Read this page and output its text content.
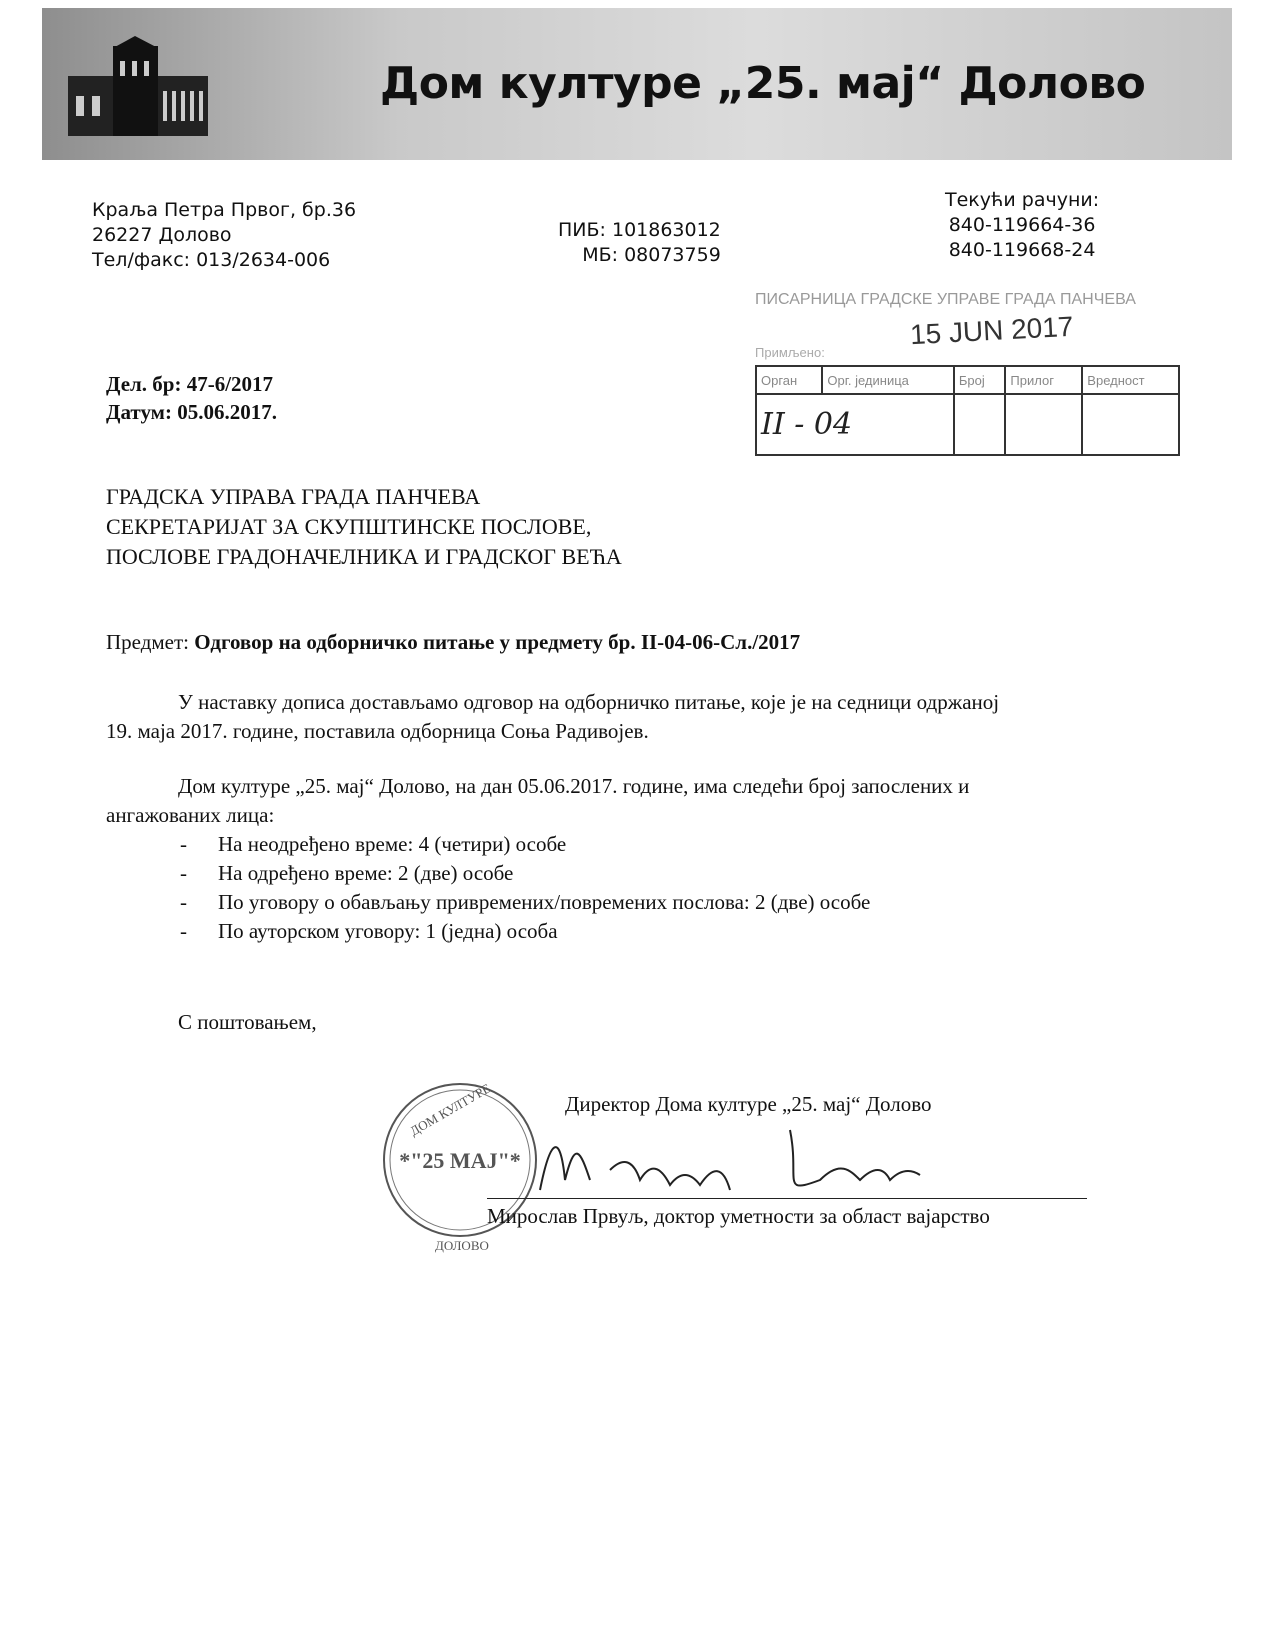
Дом културе „25. мај“ Долово
Краља Петра Првог, бр.36
26227 Долово
Тел/факс: 013/2634-006
ПИБ: 101863012
МБ: 08073759
Текући рачуни:
840-119664-36
840-119668-24
ПИСАРНИЦА ГРАДСКЕ УПРАВЕ ГРАДА ПАНЧЕВА
Примљено:
15 JUN 2017
Орган	Орг. јединица	Број	Прилог	Вредност
II - 04				
Дел. бр: 47-6/2017
Датум: 05.06.2017.
ГРАДСКА УПРАВА ГРАДА ПАНЧЕВА
СЕКРЕТАРИЈАТ ЗА СКУПШТИНСКЕ ПОСЛОВЕ,
ПОСЛОВЕ ГРАДОНАЧЕЛНИКА И ГРАДСКОГ ВЕЋА
Предмет: Одговор на одборничко питање у предмету бр. II-04-06-Сл./2017
У наставку дописа достављамо одговор на одборничко питање, које је на седници одржаној
19. маја 2017. године, поставила одборница Соња Радивојев.
Дом културе „25. мај“ Долово, на дан 05.06.2017. године, има следећи број запослених и
ангажованих лица:
- На неодређено време: 4 (четири) особе
- На одређено време: 2 (две) особе
- По уговору о обављању привремених/повремених послова: 2 (две) особе
- По ауторском уговору: 1 (једна) особа
С поштовањем,
*"25 МАЈ"*
ДОМ КУЛТУРЕ
ДОЛОВО
Директор Дома културе „25. мај“ Долово
Мирослав Првуљ, доктор уметности за област вајарство
